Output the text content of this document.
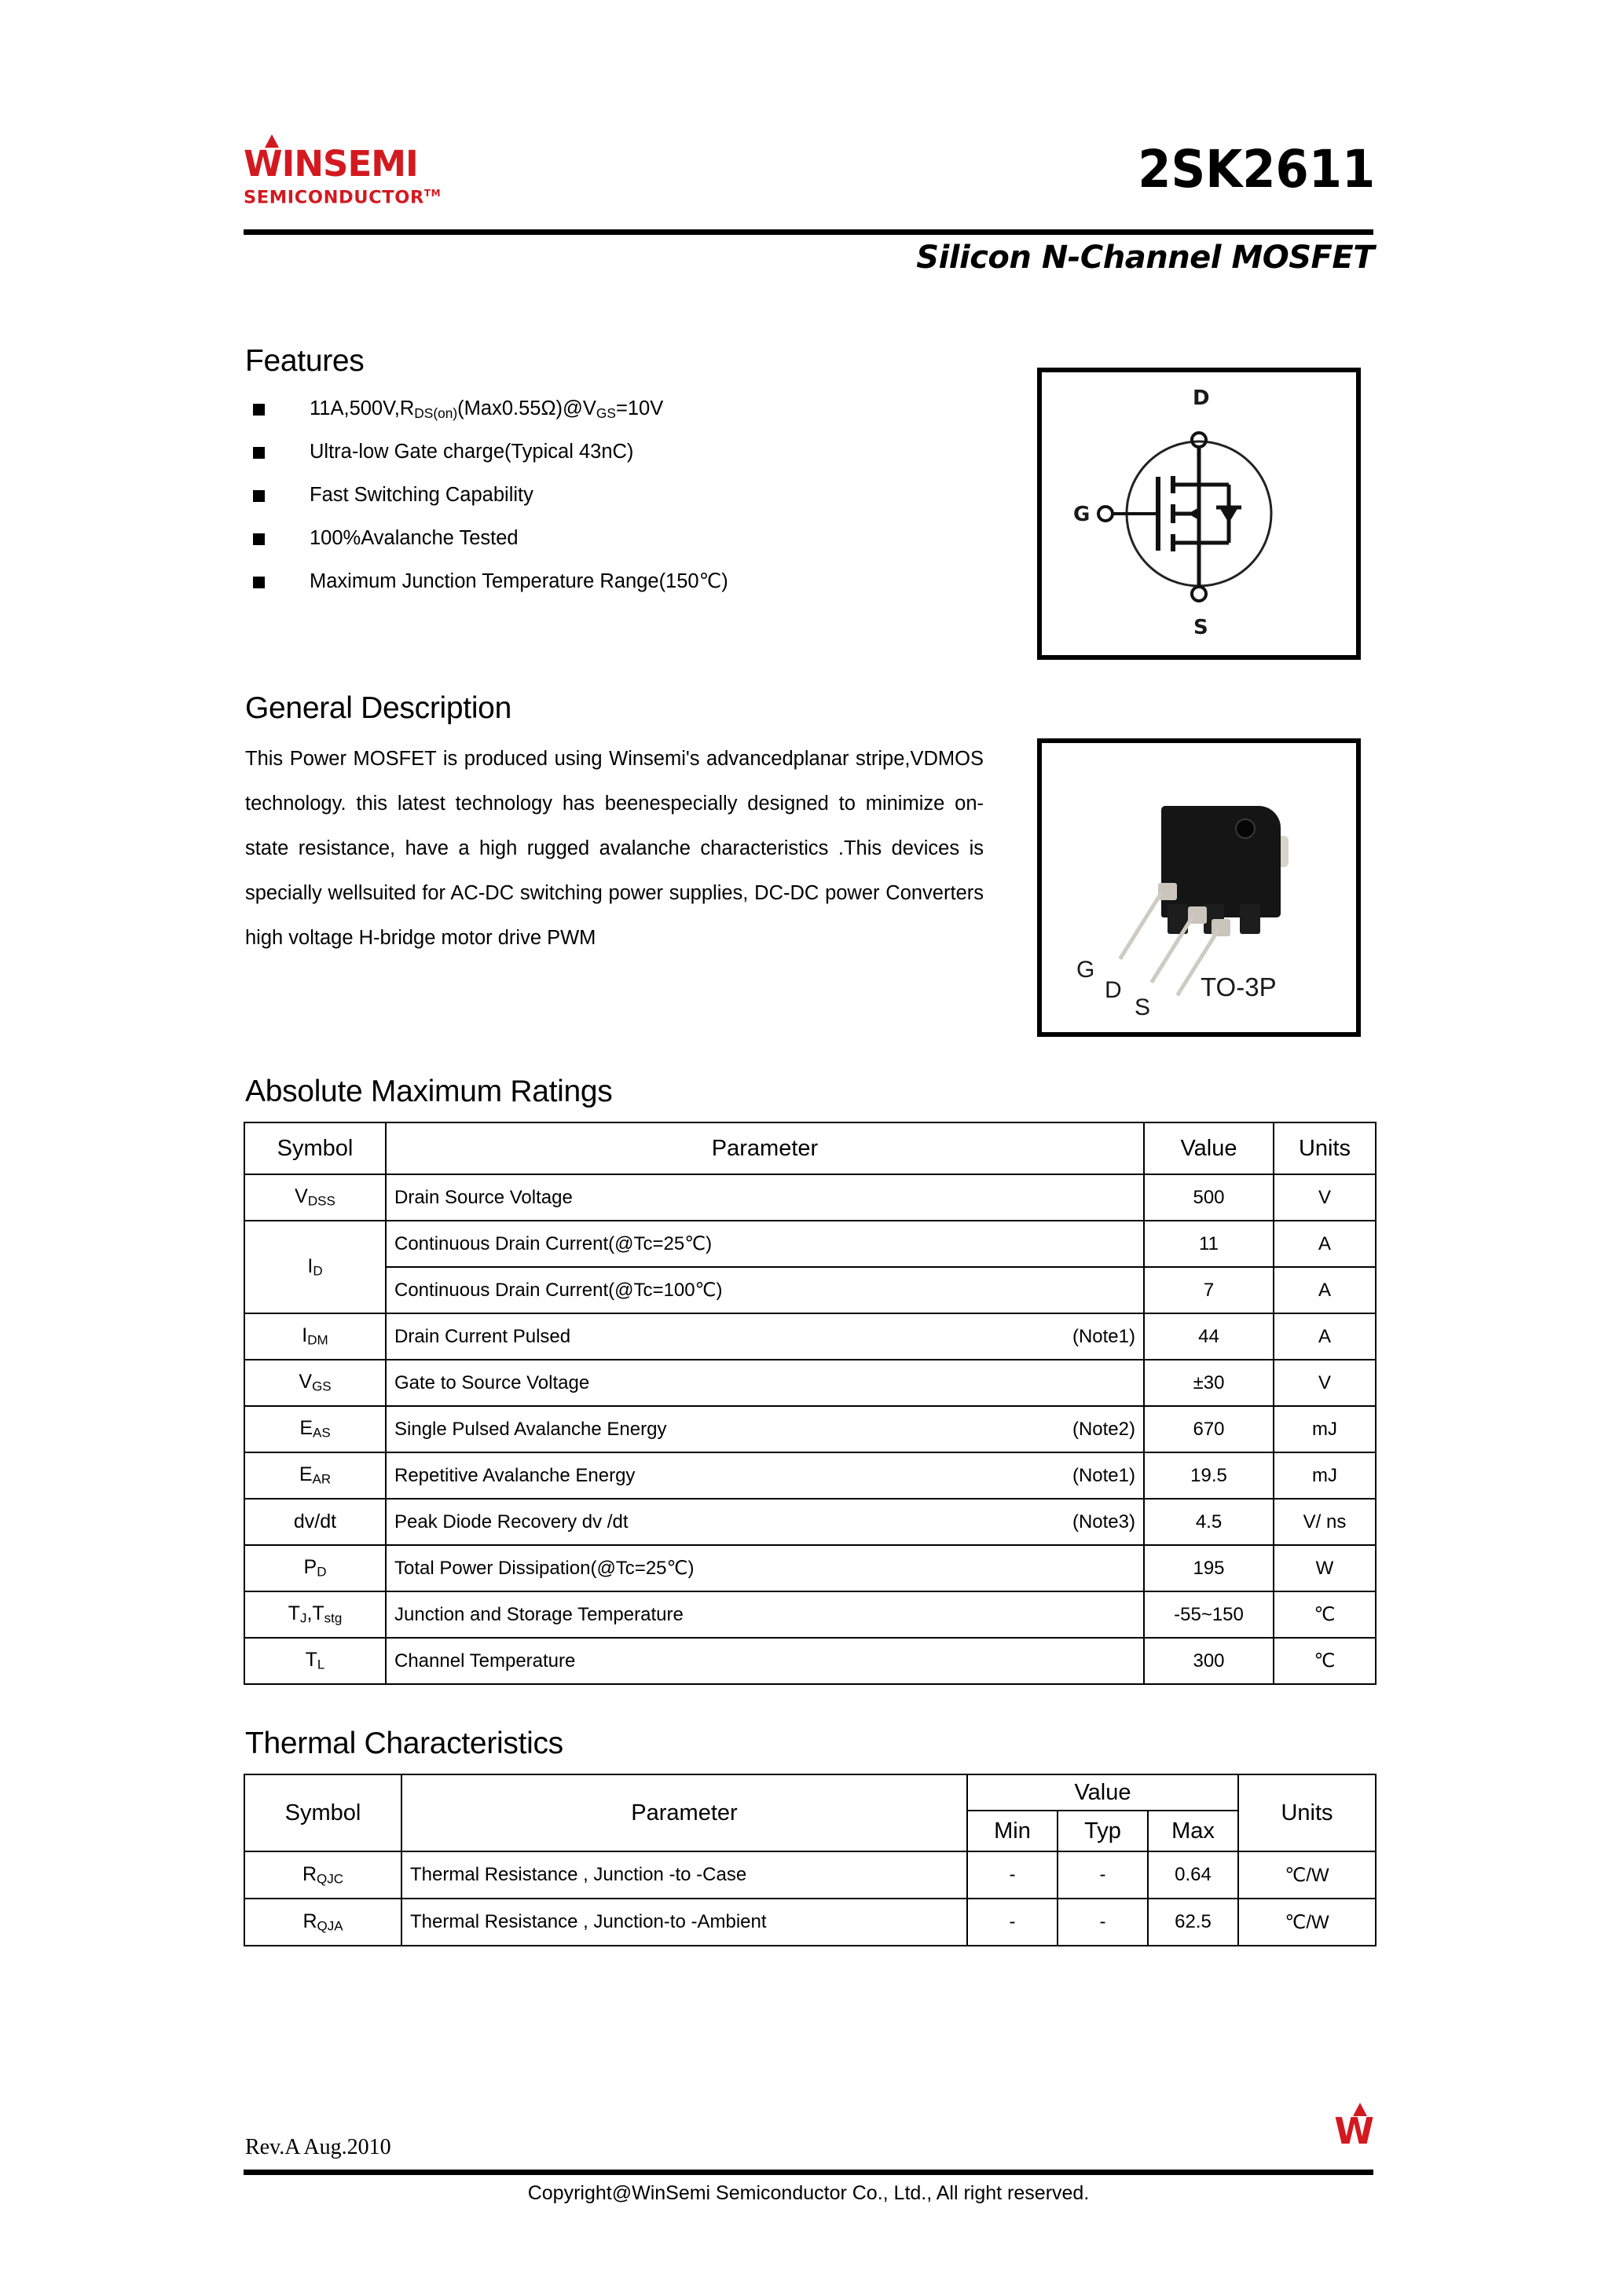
WINSEMI
SEMICONDUCTOR™	2SK2611
Silicon N-Channel MOSFET
Features
$11A,500V,R_{DS(on)}(Max0.55\Omega)@V_{GS}=10V$
Ultra-low Gate charge(Typical 43nC)
Fast Switching Capability
100%Avalanche Tested
Maximum Junction Temperature Range(150℃)
General Description

This Power MOSFET is produced using Winsemi's advancedplanar stripe,VDMOS technology. this latest technology has beenespecially designed to minimize on-state resistance, have a high rugged avalanche characteristics .This devices is specially wellsuited for AC-DC switching power supplies, DC-DC power Converters high voltage H-bridge motor drive PWM

D
G
S
G
D
S
TO-3P
Absolute Maximum Ratings
Symbol	Parameter	Value	Units
$V_{DSS}$	Drain Source Voltage	500	V
$I_D$	Continuous Drain Current(@Tc=25℃)	11	A
	Continuous Drain Current(@Tc=100℃)	7	A
$I_{DM}$	Drain Current Pulsed (Note1)	44	A
$V_{GS}$	Gate to Source Voltage	±30	V
$E_{AS}$	Single Pulsed Avalanche Energy (Note2)	670	mJ
$E_{AR}$	Repetitive Avalanche Energy (Note1)	19.5	mJ
dv/dt	Peak Diode Recovery dv /dt (Note3)	4.5	V/ ns
$P_D$	Total Power Dissipation(@Tc=25℃)	195	W
$T_J,T_{stg}$	Junction and Storage Temperature	-55~150	℃
$T_L$	Channel Temperature	300	℃
Thermal Characteristics
Symbol	Parameter	Value			Units
		Min	Typ	Max	
$R_{QJC}$	Thermal Resistance , Junction -to -Case	-	-	0.64	℃/W
$R_{QJA}$	Thermal Resistance , Junction-to -Ambient	-	-	62.5	℃/W
Rev.A Aug.2010	W
Copyright@WinSemi Semiconductor Co., Ltd., All right reserved.
